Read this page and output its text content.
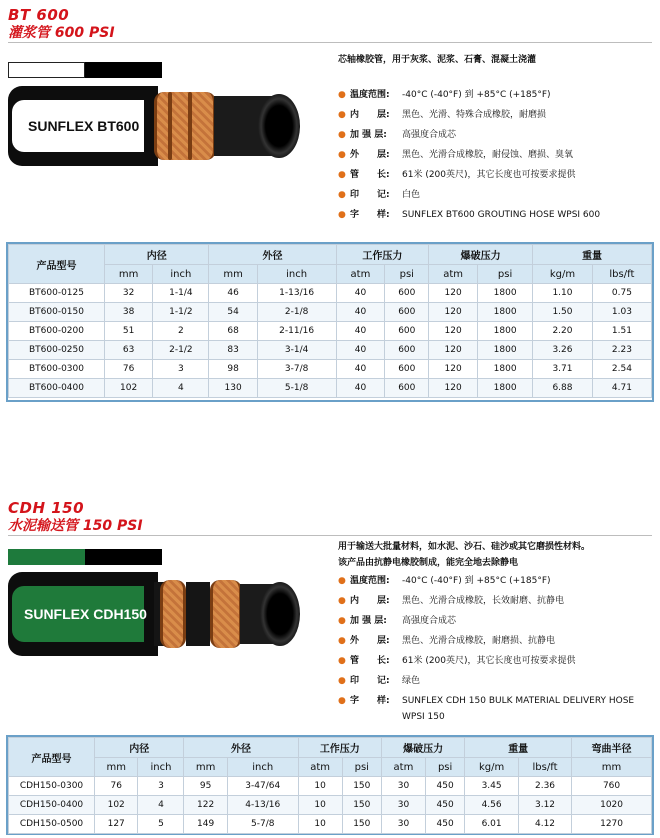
BT 600
灌浆管 600 PSI
SUNFLEX BT600
芯轴橡胶管，用于灰浆、泥浆、石膏、混凝土浇灌
● 温度范围:	-40°C (-40°F) 到 +85°C (+185°F)
● 内　　层:	黑色、光滑、特殊合成橡胶，耐磨损
● 加 强 层:	高强度合成芯
● 外　　层:	黑色、光滑合成橡胶，耐侵蚀、磨损、臭氧
● 管　　长:	61米 (200英尺)，其它长度也可按要求提供
● 印　　记:	白色
● 字　　样:	SUNFLEX BT600 GROUTING HOSE WPSI 600
产品型号	内径		外径		工作压力		爆破压力		重量	
	mm	inch	mm	inch	atm	psi	atm	psi	kg/m	lbs/ft
BT600-0125	32	1-1/4	46	1-13/16	40	600	120	1800	1.10	0.75
BT600-0150	38	1-1/2	54	2-1/8	40	600	120	1800	1.50	1.03
BT600-0200	51	2	68	2-11/16	40	600	120	1800	2.20	1.51
BT600-0250	63	2-1/2	83	3-1/4	40	600	120	1800	3.26	2.23
BT600-0300	76	3	98	3-7/8	40	600	120	1800	3.71	2.54
BT600-0400	102	4	130	5-1/8	40	600	120	1800	6.88	4.71
CDH 150
水泥输送管 150 PSI
SUNFLEX CDH150
用于输送大批量材料，如水泥、沙石、硅沙或其它磨损性材料。
该产品由抗静电橡胶制成，能完全地去除静电
● 温度范围:	-40°C (-40°F) 到 +85°C (+185°F)
● 内　　层:	黑色、光滑合成橡胶，长效耐磨、抗静电
● 加 强 层:	高强度合成芯
● 外　　层:	黑色、光滑合成橡胶，耐磨损、抗静电
● 管　　长:	61米 (200英尺)，其它长度也可按要求提供
● 印　　记:	绿色
● 字　　样:	SUNFLEX CDH 150 BULK MATERIAL DELIVERY HOSE WPSI 150
产品型号	内径		外径		工作压力		爆破压力		重量		弯曲半径
	mm	inch	mm	inch	atm	psi	atm	psi	kg/m	lbs/ft	mm
CDH150-0300	76	3	95	3-47/64	10	150	30	450	3.45	2.36	760
CDH150-0400	102	4	122	4-13/16	10	150	30	450	4.56	3.12	1020
CDH150-0500	127	5	149	5-7/8	10	150	30	450	6.01	4.12	1270
